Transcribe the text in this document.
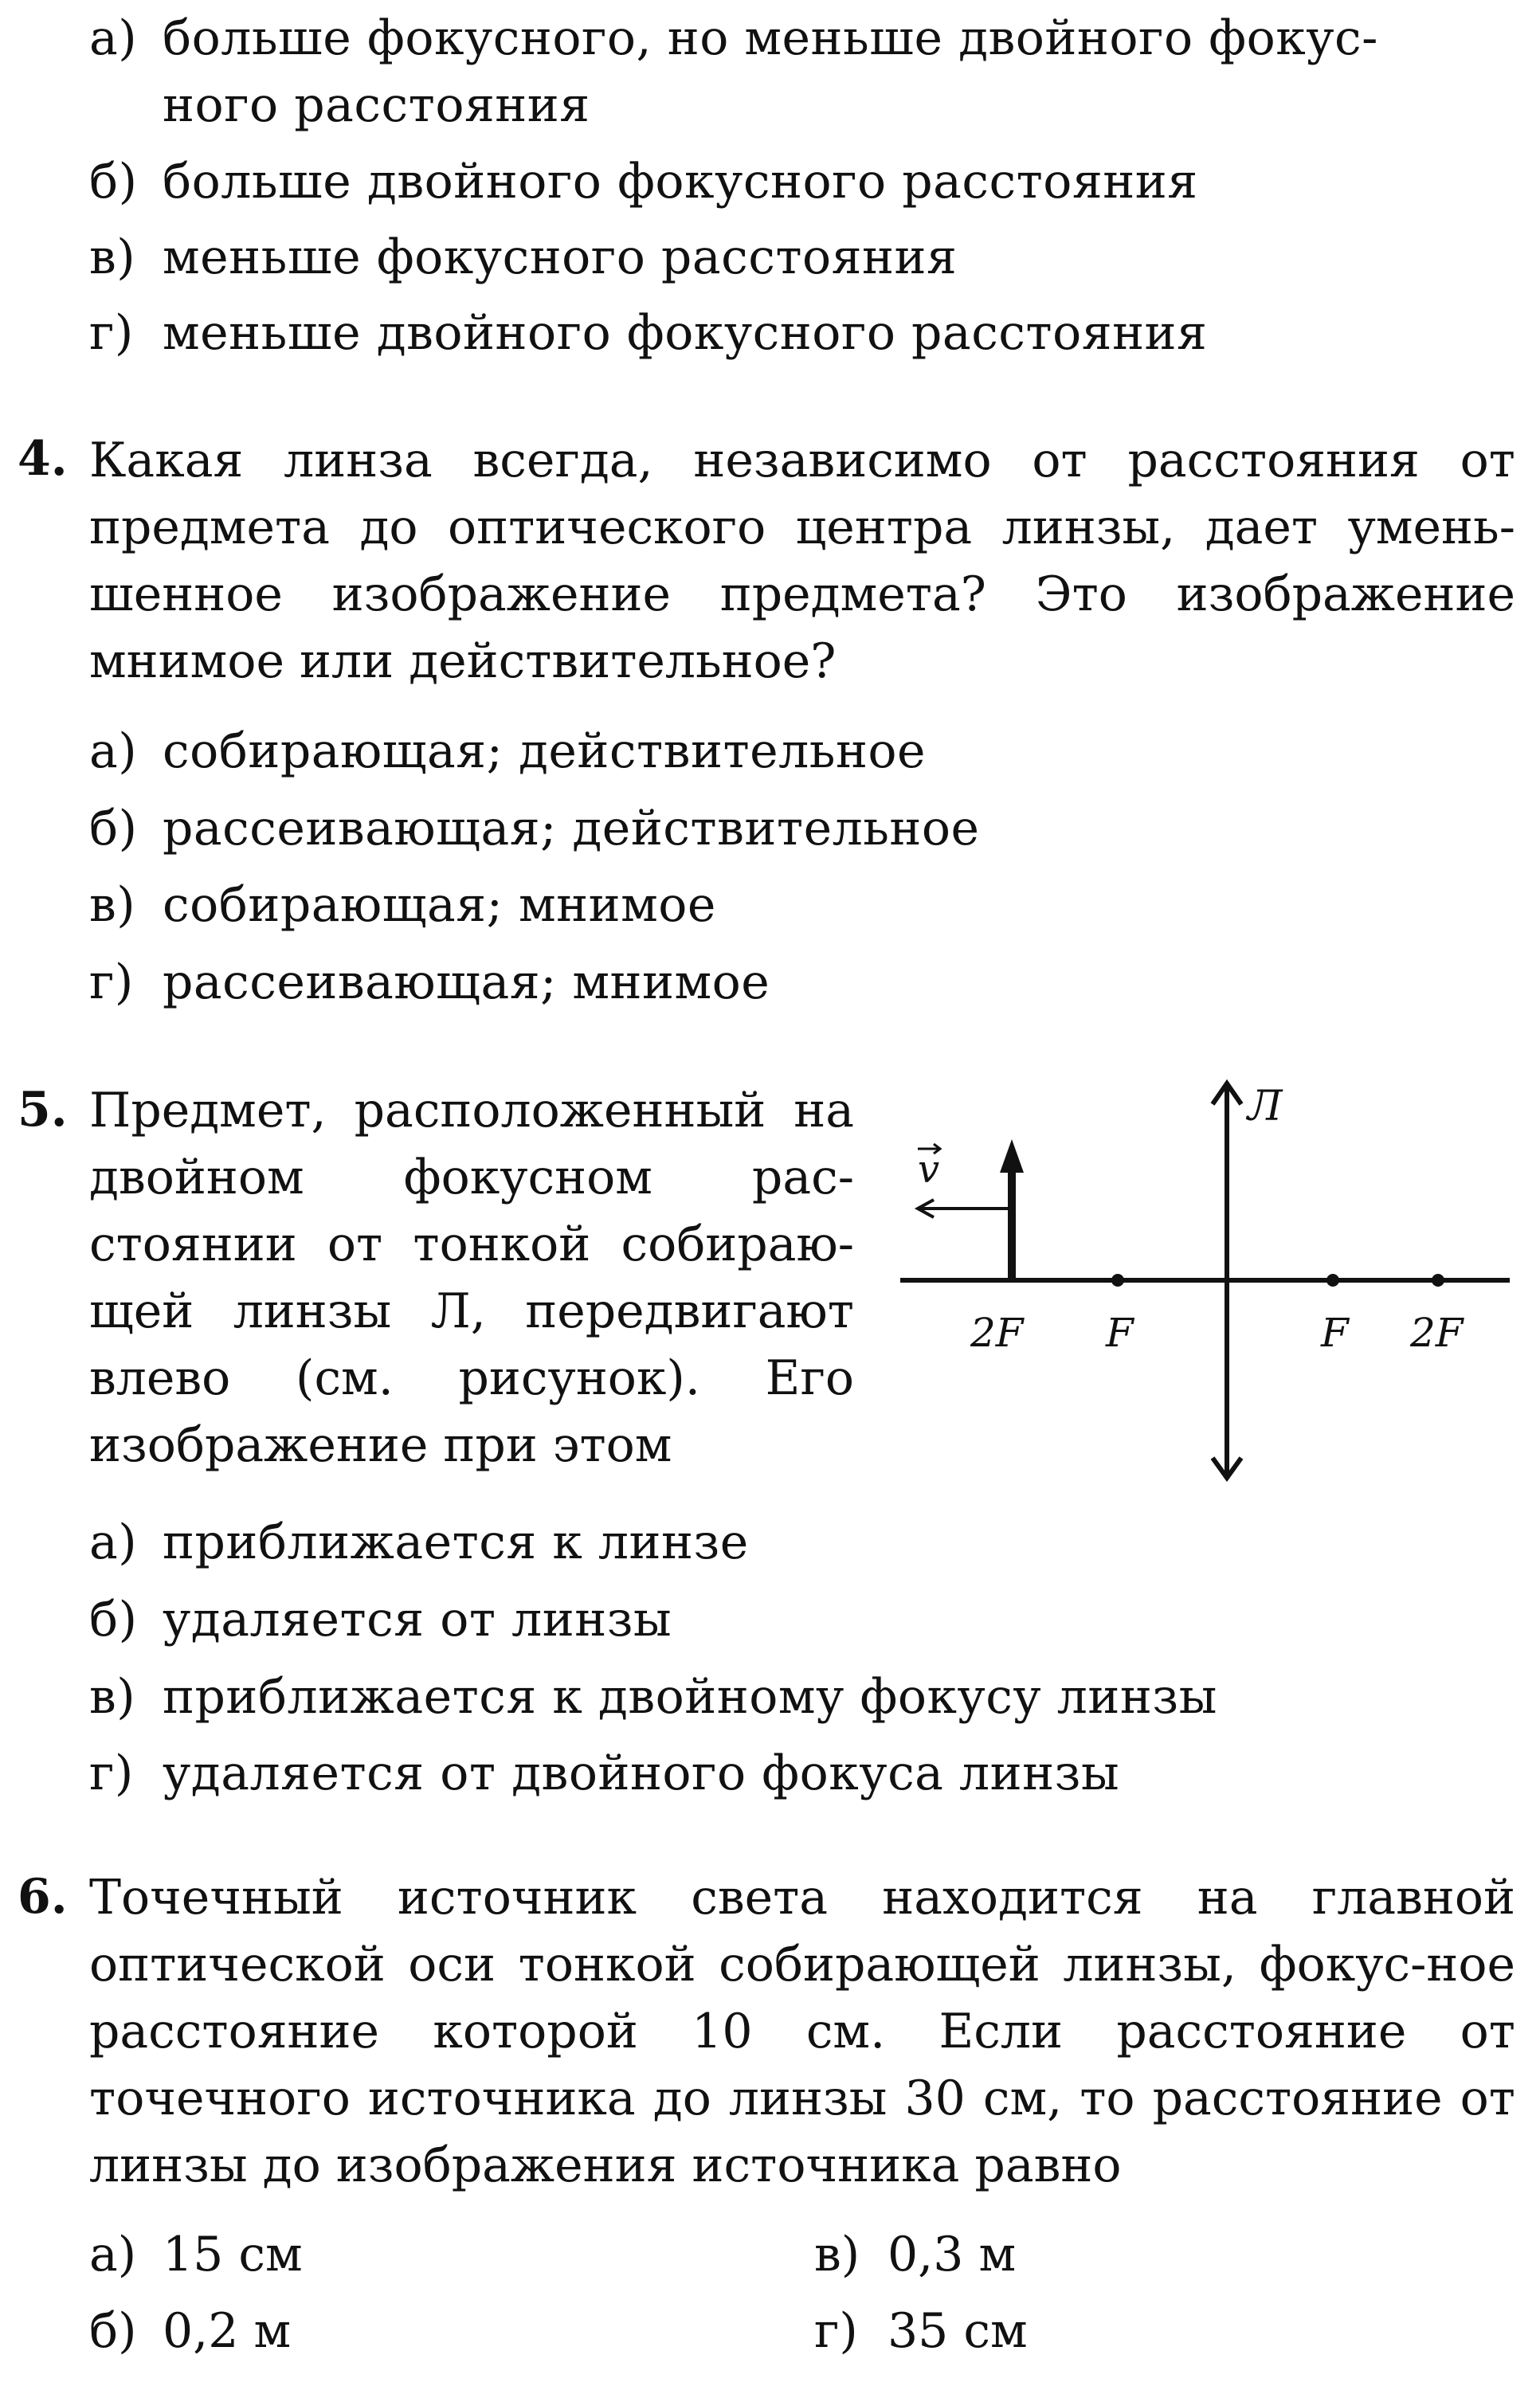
а) больше фокусного, но меньше двойного фокус-
ного расстояния
б) больше двойного фокусного расстояния
в) меньше фокусного расстояния
г) меньше двойного фокусного расстояния
4. Какая линза всегда, независимо от расстояния от предмета до оптического центра линзы, дает умень-шенное изображение предмета? Это изображение мнимое или действительное?
а) собирающая; действительное
б) рассеивающая; действительное
в) собирающая; мнимое
г) рассеивающая; мнимое
5. Предмет, расположенный на двойном фокусном рас-стоянии от тонкой собираю-щей линзы Л, передвигают влево (см. рисунок). Его изображение при этом
Л
v
2F F	F 2F
а) приближается к линзе
б) удаляется от линзы
в) приближается к двойному фокусу линзы
г) удаляется от двойного фокуса линзы
6. Точечный источник света находится на главной оптической оси тонкой собирающей линзы, фокус-ное расстояние которой 10 см. Если расстояние от точечного источника до линзы 30 см, то расстояние от линзы до изображения источника равно
а) 15 см	в) 0,3 м
б) 0,2 м	г) 35 см
